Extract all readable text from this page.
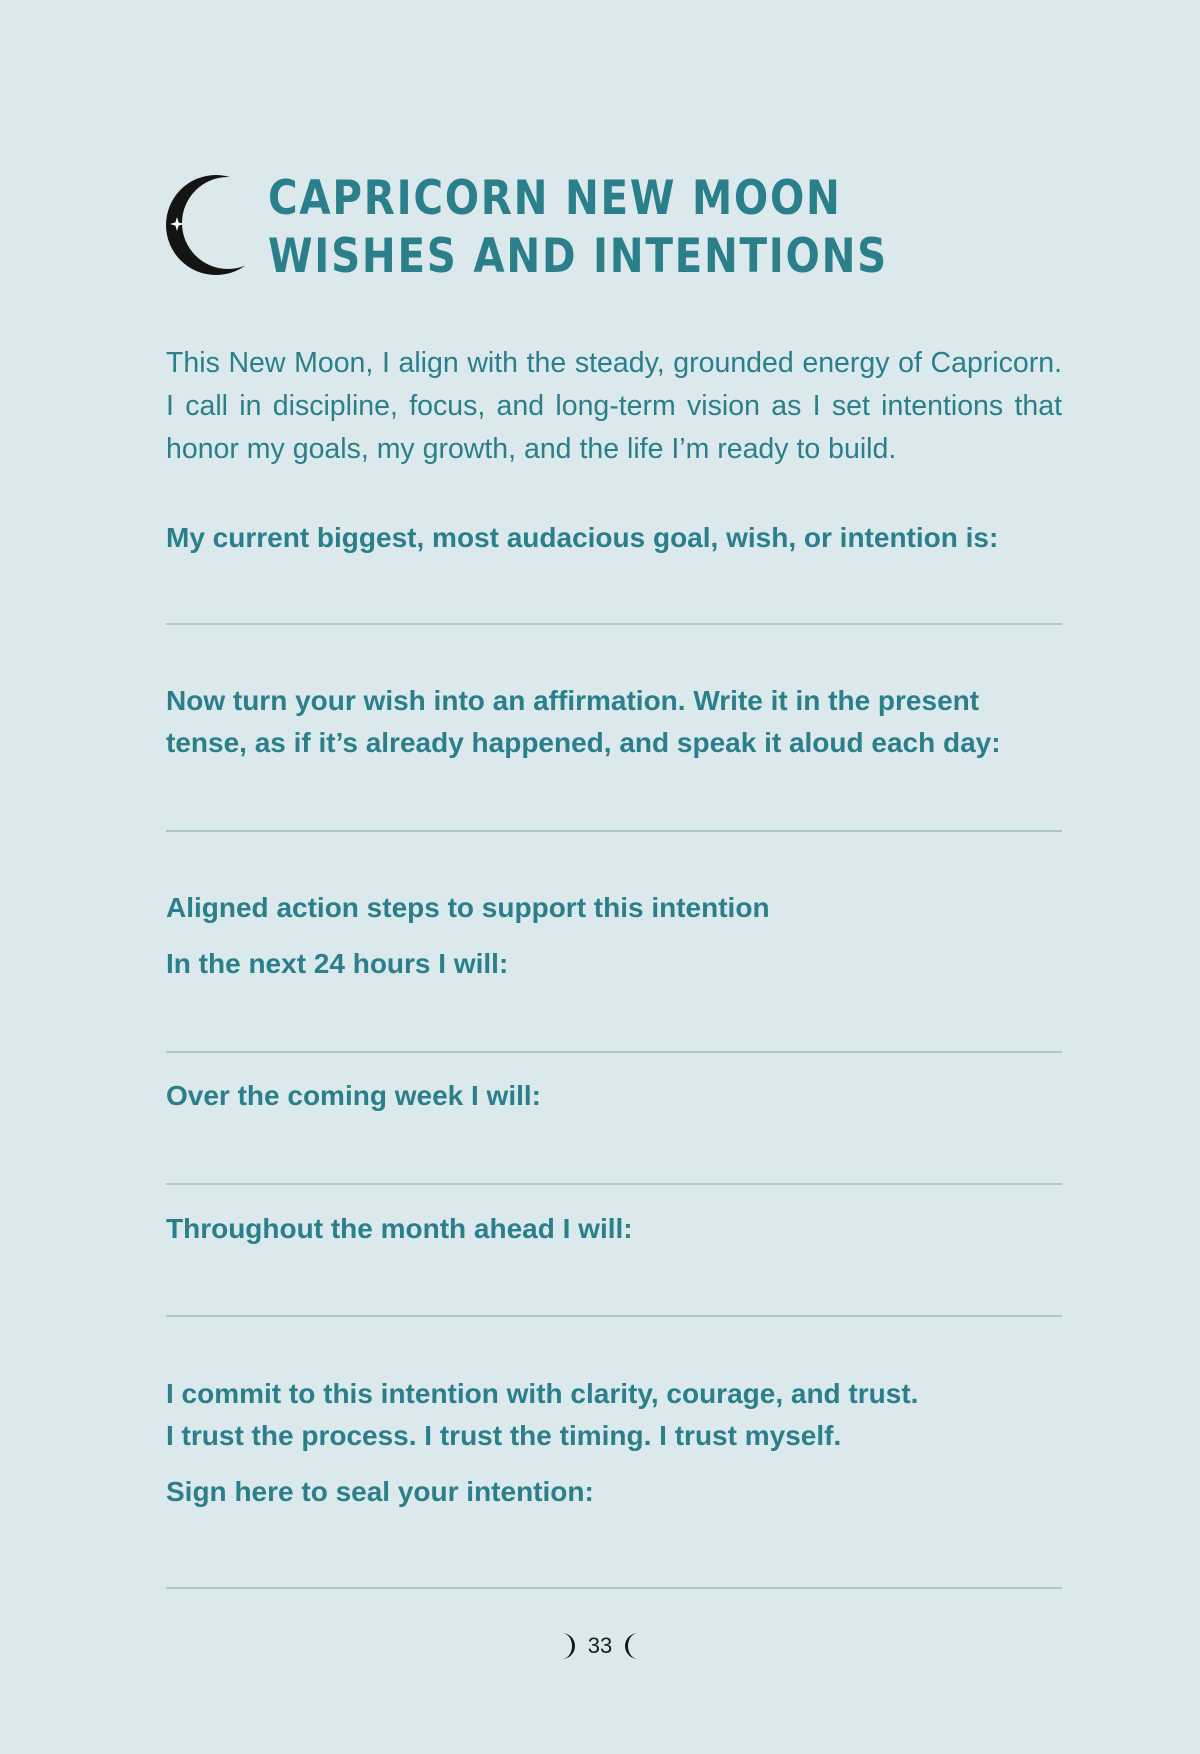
CAPRICORN NEW MOON
WISHES AND INTENTIONS

This New Moon, I align with the steady, grounded energy of Capricorn. I call in discipline, focus, and long-term vision as I set intentions that honor my goals, my growth, and the life I’m ready to build.

My current biggest, most audacious goal, wish, or intention is:
Now turn your wish into an affirmation. Write it in the present tense, as if it’s already happened, and speak it aloud each day:
Aligned action steps to support this intention
In the next 24 hours I will:
Over the coming week I will:
Throughout the month ahead I will:
I commit to this intention with clarity, courage, and trust.
I trust the process. I trust the timing. I trust myself.
Sign here to seal your intention:
33
